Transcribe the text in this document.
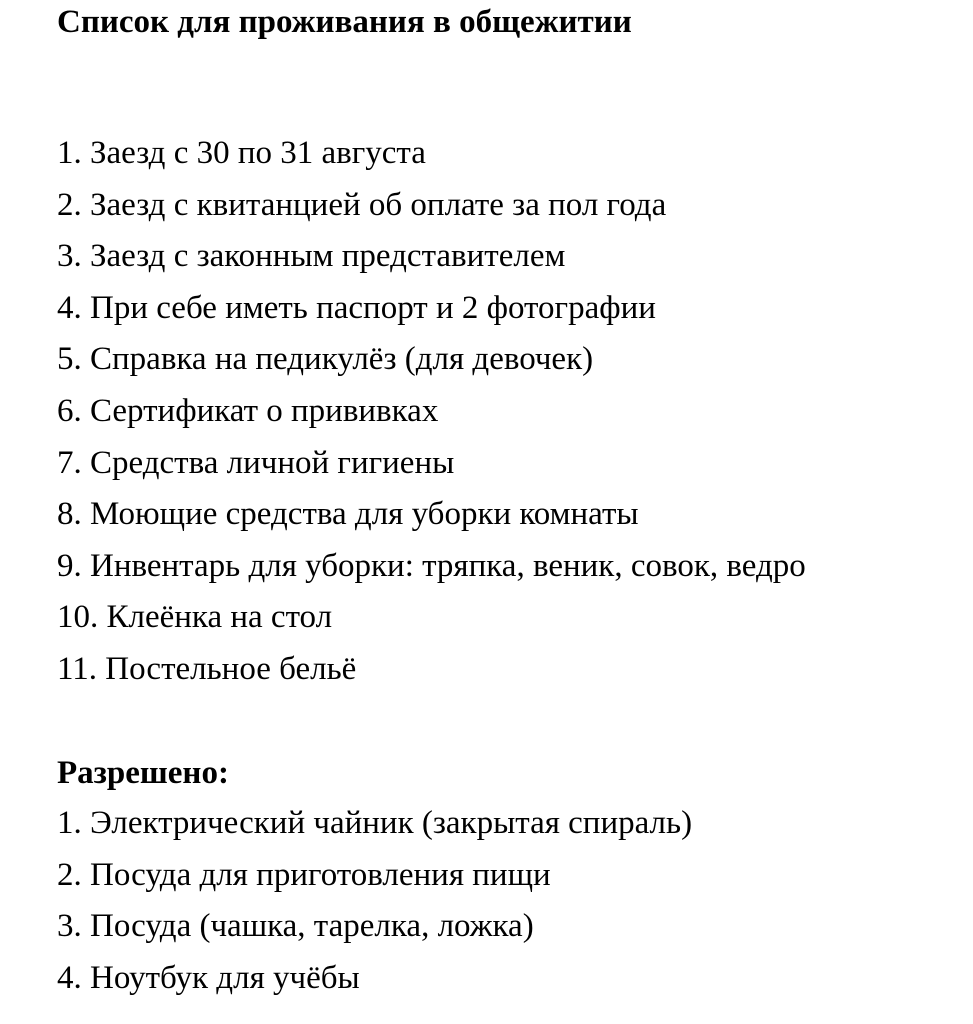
Список для проживания в общежитии
1. Заезд с 30 по 31 августа
2. Заезд с квитанцией об оплате за пол года
3. Заезд с законным представителем
4. При себе иметь паспорт и 2 фотографии
5. Справка на педикулёз (для девочек)
6. Сертификат о прививках
7. Средства личной гигиены
8. Моющие средства для уборки комнаты
9. Инвентарь для уборки: тряпка, веник, совок, ведро
10. Клеёнка на стол
11. Постельное бельё
Разрешено:
1. Электрический чайник (закрытая спираль)
2. Посуда для приготовления пищи
3. Посуда (чашка, тарелка, ложка)
4. Ноутбук для учёбы
